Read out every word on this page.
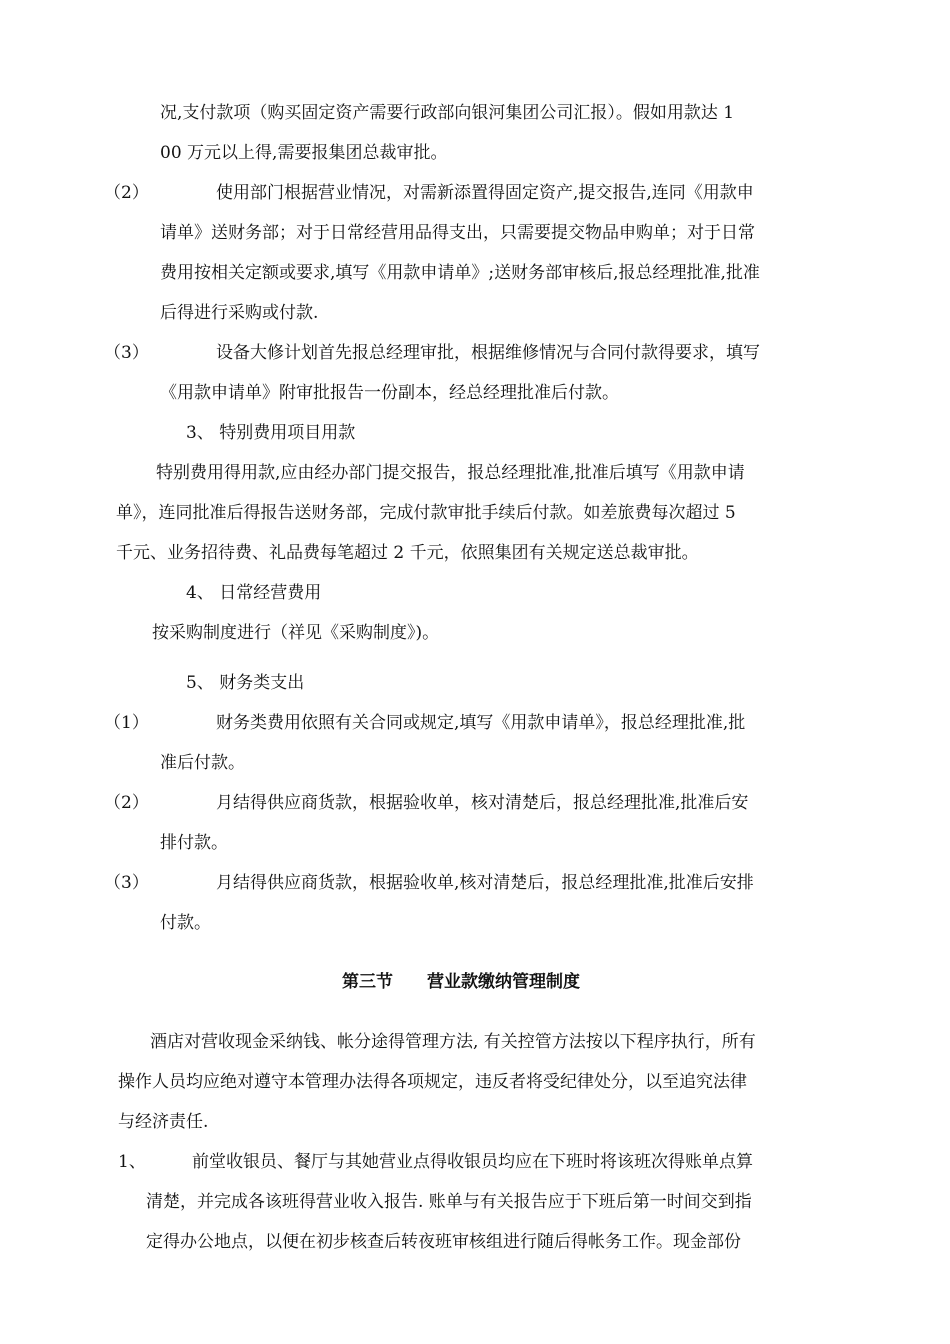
况,支付款项（购买固定资产需要行政部向银河集团公司汇报）。假如用款达 1
00 万元以上得,需要报集团总裁审批。
（2）	使用部门根据营业情况，对需新添置得固定资产,提交报告,连同《用款申
请单》送财务部；对于日常经营用品得支出，只需要提交物品申购单；对于日常
费用按相关定额或要求,填写《用款申请单》;送财务部审核后,报总经理批准,批准
后得进行采购或付款.
（3）	设备大修计划首先报总经理审批，根据维修情况与合同付款得要求，填写
《用款申请单》附审批报告一份副本，经总经理批准后付款。
3、 特别费用项目用款
特别费用得用款,应由经办部门提交报告，报总经理批准,批准后填写《用款申请
单》，连同批准后得报告送财务部，完成付款审批手续后付款。如差旅费每次超过 5
千元、业务招待费、礼品费每笔超过 2 千元，依照集团有关规定送总裁审批。
4、 日常经营费用
按采购制度进行（祥见《采购制度》)。
5、 财务类支出
（1）	财务类费用依照有关合同或规定,填写《用款申请单》，报总经理批准,批
准后付款。
（2）	月结得供应商货款，根据验收单，核对清楚后，报总经理批准,批准后安
排付款。
（3）	月结得供应商货款，根据验收单,核对清楚后，报总经理批准,批准后安排
付款。
第三节　　营业款缴纳管理制度
酒店对营收现金采纳钱、帐分途得管理方法, 有关控管方法按以下程序执行，所有
操作人员均应绝对遵守本管理办法得各项规定，违反者将受纪律处分，以至追究法律
与经济责任.
1、	前堂收银员、餐厅与其她营业点得收银员均应在下班时将该班次得账单点算
清楚，并完成各该班得营业收入报告. 账单与有关报告应于下班后第一时间交到指
定得办公地点，以便在初步核查后转夜班审核组进行随后得帐务工作。现金部份
